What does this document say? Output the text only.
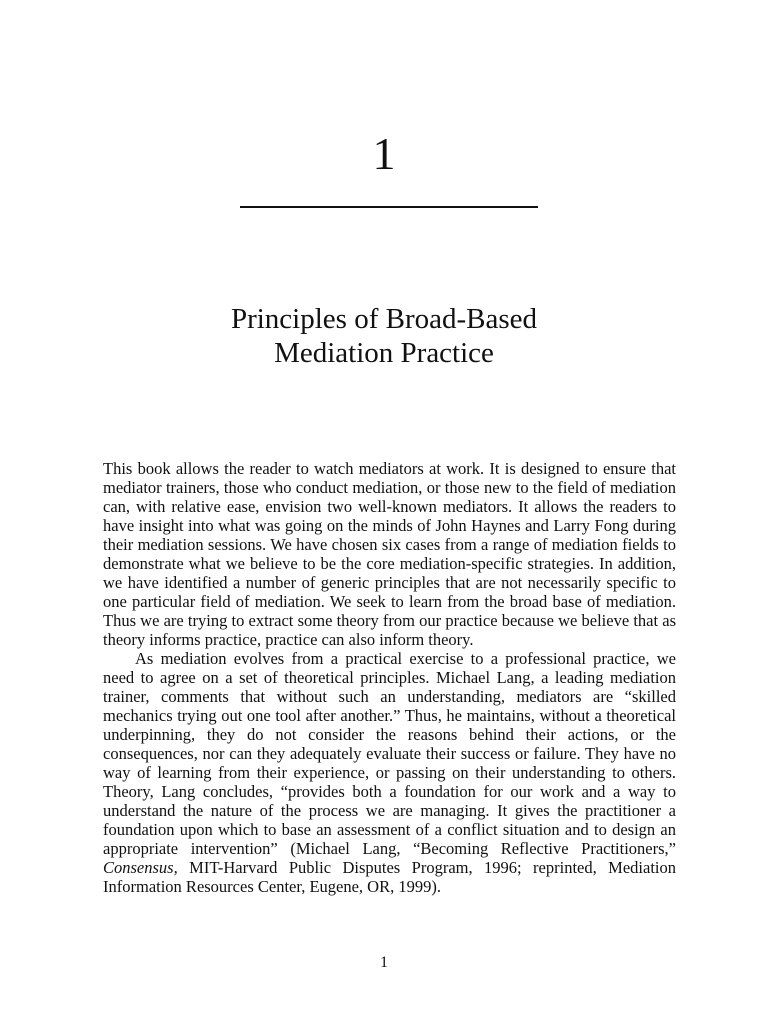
1
Principles of Broad-Based
Mediation Practice

This book allows the reader to watch mediators at work. It is designed to ensure that mediator trainers, those who conduct mediation, or those new to the field of mediation can, with relative ease, envision two well-known mediators. It allows the readers to have insight into what was going on the minds of John Haynes and Larry Fong during their mediation sessions. We have chosen six cases from a range of mediation fields to demonstrate what we believe to be the core mediation-specific strategies. In addition, we have identified a number of generic principles that are not necessarily specific to one particular field of mediation. We seek to learn from the broad base of mediation. Thus we are trying to extract some theory from our practice because we believe that as theory informs practice, practice can also inform theory.

As mediation evolves from a practical exercise to a professional practice, we need to agree on a set of theoretical principles. Michael Lang, a leading mediation trainer, comments that without such an understanding, mediators are “skilled mechanics trying out one tool after another.” Thus, he maintains, without a theoretical underpinning, they do not consider the reasons behind their actions, or the consequences, nor can they adequately evaluate their success or failure. They have no way of learning from their experience, or passing on their understanding to others. Theory, Lang concludes, “provides both a foundation for our work and a way to understand the nature of the process we are managing. It gives the practitioner a foundation upon which to base an assessment of a conflict situation and to design an appropriate intervention” (Michael Lang, “Becoming Reflective Practitioners,” Consensus, MIT-Harvard Public Disputes Program, 1996; reprinted, Mediation Information Resources Center, Eugene, OR, 1999).

1
